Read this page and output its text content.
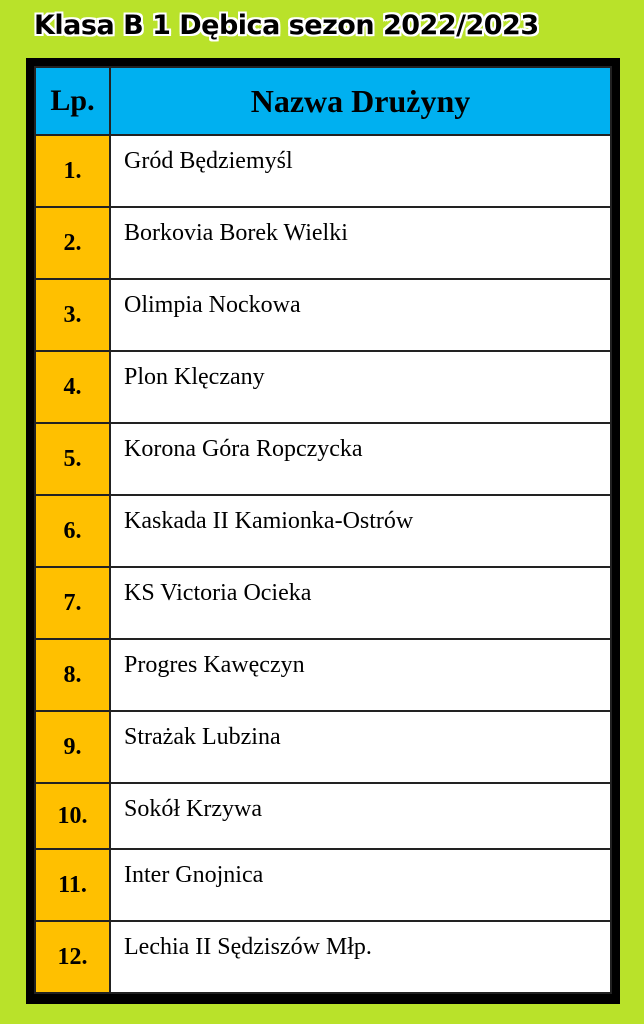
Klasa B 1 Dębica sezon 2022/2023
Lp.	Nazwa Drużyny
1.	Gród Będziemyśl
2.	Borkovia Borek Wielki
3.	Olimpia Nockowa
4.	Plon Klęczany
5.	Korona Góra Ropczycka
6.	Kaskada II Kamionka-Ostrów
7.	KS Victoria Ocieka
8.	Progres Kawęczyn
9.	Strażak Lubzina
10.	Sokół Krzywa
11.	Inter Gnojnica
12.	Lechia II Sędziszów Młp.
